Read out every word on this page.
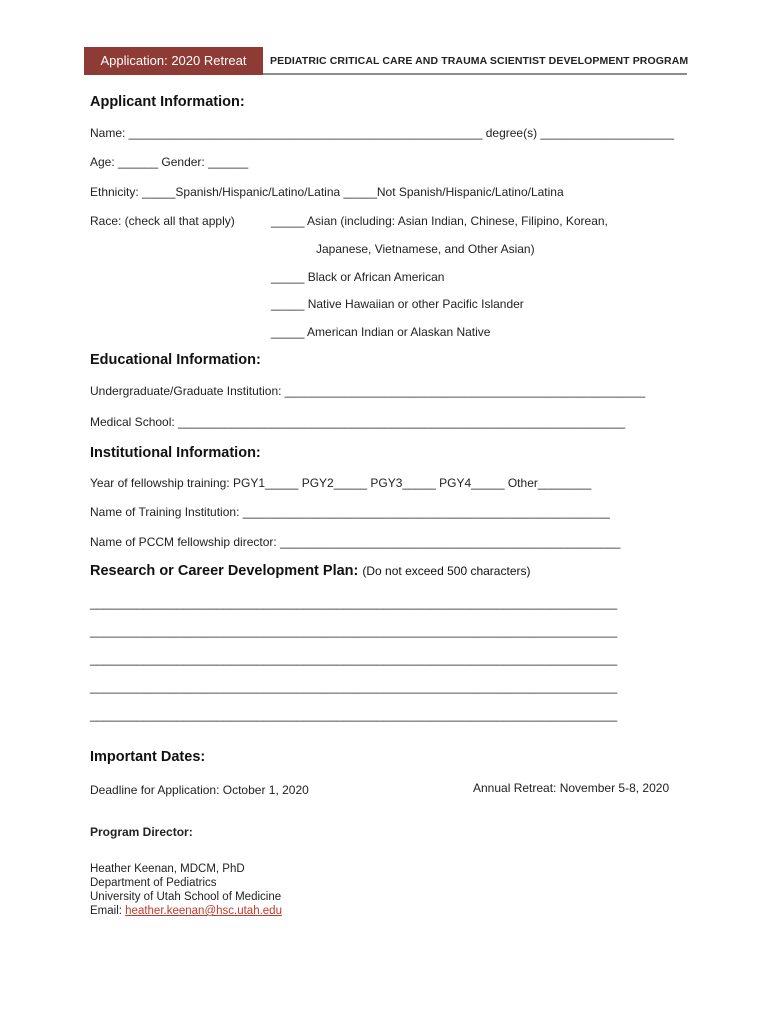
Application: 2020 Retreat	PEDIATRIC CRITICAL CARE AND TRAUMA SCIENTIST DEVELOPMENT PROGRAM
Applicant Information:
Name: _____________________________________________________ degree(s) ____________________
Age: ______ Gender: ______
Ethnicity: _____Spanish/Hispanic/Latino/Latina _____Not Spanish/Hispanic/Latino/Latina
Race: (check all that apply)	_____ Asian (including: Asian Indian, Chinese, Filipino, Korean,
Japanese, Vietnamese, and Other Asian)
_____ Black or African American
_____ Native Hawaiian or other Pacific Islander
_____ American Indian or Alaskan Native
Educational Information:
Undergraduate/Graduate Institution: ______________________________________________________
Medical School: ___________________________________________________________________
Institutional Information:
Year of fellowship training: PGY1_____ PGY2_____ PGY3_____ PGY4_____ Other________
Name of Training Institution: _______________________________________________________
Name of PCCM fellowship director: ___________________________________________________
Research or Career Development Plan: (Do not exceed 500 characters)
_______________________________________________________________________________
_______________________________________________________________________________
_______________________________________________________________________________
_______________________________________________________________________________
_______________________________________________________________________________
Important Dates:
Deadline for Application: October 1, 2020	Annual Retreat: November 5-8, 2020
Program Director:
Heather Keenan, MDCM, PhD
Department of Pediatrics
University of Utah School of Medicine
Email: heather.keenan@hsc.utah.edu
